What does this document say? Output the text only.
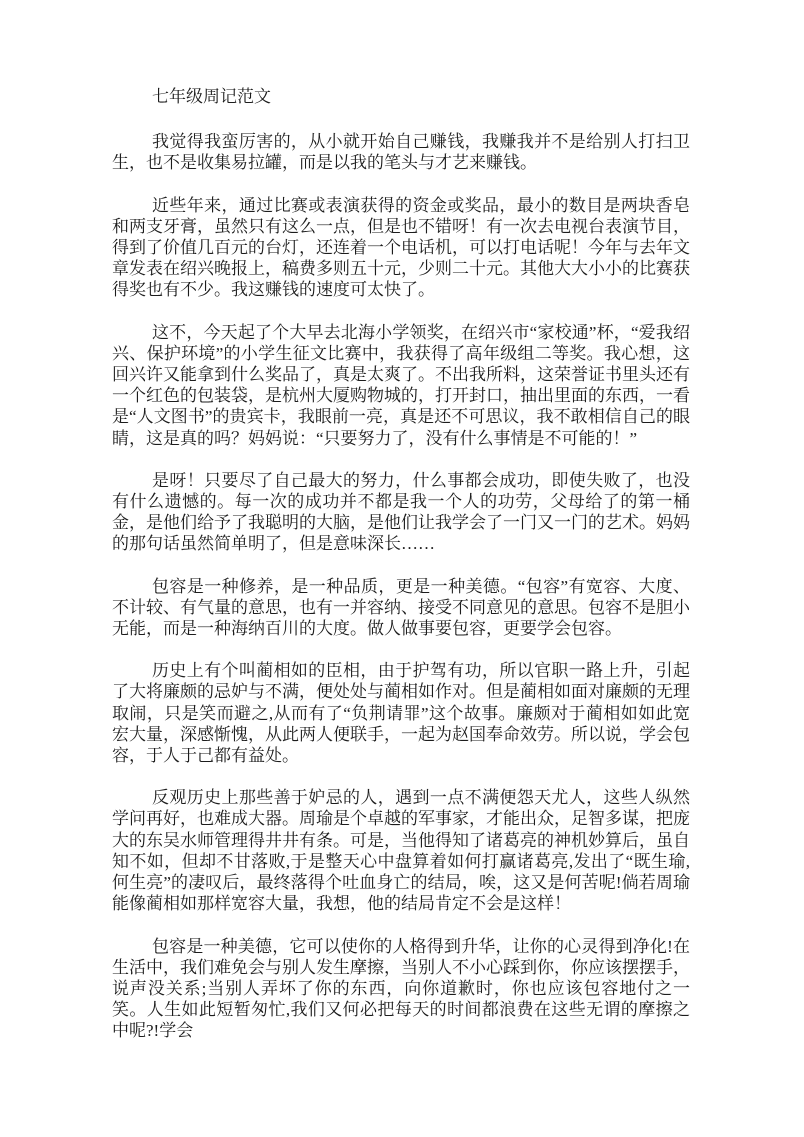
七年级周记范文

我觉得我蛮厉害的，从小就开始自己赚钱，我赚我并不是给别人打扫卫生，也不是收集易拉罐，而是以我的笔头与才艺来赚钱。

近些年来，通过比赛或表演获得的资金或奖品，最小的数目是两块香皂和两支牙膏，虽然只有这么一点，但是也不错呀！有一次去电视台表演节目，得到了价值几百元的台灯，还连着一个电话机，可以打电话呢！今年与去年文章发表在绍兴晚报上，稿费多则五十元，少则二十元。其他大大小小的比赛获得奖也有不少。我这赚钱的速度可太快了。

这不，今天起了个大早去北海小学领奖，在绍兴市“家校通”杯，“爱我绍兴、保护环境”的小学生征文比赛中，我获得了高年级组二等奖。我心想，这回兴许又能拿到什么奖品了，真是太爽了。不出我所料，这荣誉证书里头还有一个红色的包装袋，是杭州大厦购物城的，打开封口，抽出里面的东西，一看是“人文图书”的贵宾卡，我眼前一亮，真是还不可思议，我不敢相信自己的眼睛，这是真的吗？妈妈说：“只要努力了，没有什么事情是不可能的！”

是呀！只要尽了自己最大的努力，什么事都会成功，即使失败了，也没有什么遗憾的。每一次的成功并不都是我一个人的功劳，父母给了的第一桶金，是他们给予了我聪明的大脑，是他们让我学会了一门又一门的艺术。妈妈的那句话虽然简单明了，但是意味深长……

包容是一种修养，是一种品质，更是一种美德。“包容”有宽容、大度、不计较、有气量的意思，也有一并容纳、接受不同意见的意思。包容不是胆小无能，而是一种海纳百川的大度。做人做事要包容，更要学会包容。

历史上有个叫蔺相如的臣相，由于护驾有功，所以官职一路上升，引起了大将廉颇的忌妒与不满，便处处与蔺相如作对。但是蔺相如面对廉颇的无理取闹，只是笑而避之,从而有了“负荆请罪”这个故事。廉颇对于蔺相如如此宽宏大量，深感惭愧，从此两人便联手，一起为赵国奉命效劳。所以说，学会包容，于人于己都有益处。

反观历史上那些善于妒忌的人，遇到一点不满便怨天尤人，这些人纵然学问再好，也难成大器。周瑜是个卓越的军事家，才能出众，足智多谋，把庞大的东吴水师管理得井井有条。可是，当他得知了诸葛亮的神机妙算后，虽自知不如，但却不甘落败,于是整天心中盘算着如何打赢诸葛亮,发出了“既生瑜,何生亮”的凄叹后，最终落得个吐血身亡的结局，唉，这又是何苦呢!倘若周瑜能像蔺相如那样宽容大量，我想，他的结局肯定不会是这样！

包容是一种美德，它可以使你的人格得到升华，让你的心灵得到净化!在生活中，我们难免会与别人发生摩擦，当别人不小心踩到你，你应该摆摆手，说声没关系;当别人弄坏了你的东西，向你道歉时，你也应该包容地付之一笑。人生如此短暂匆忙,我们又何必把每天的时间都浪费在这些无谓的摩擦之中呢?!学会
